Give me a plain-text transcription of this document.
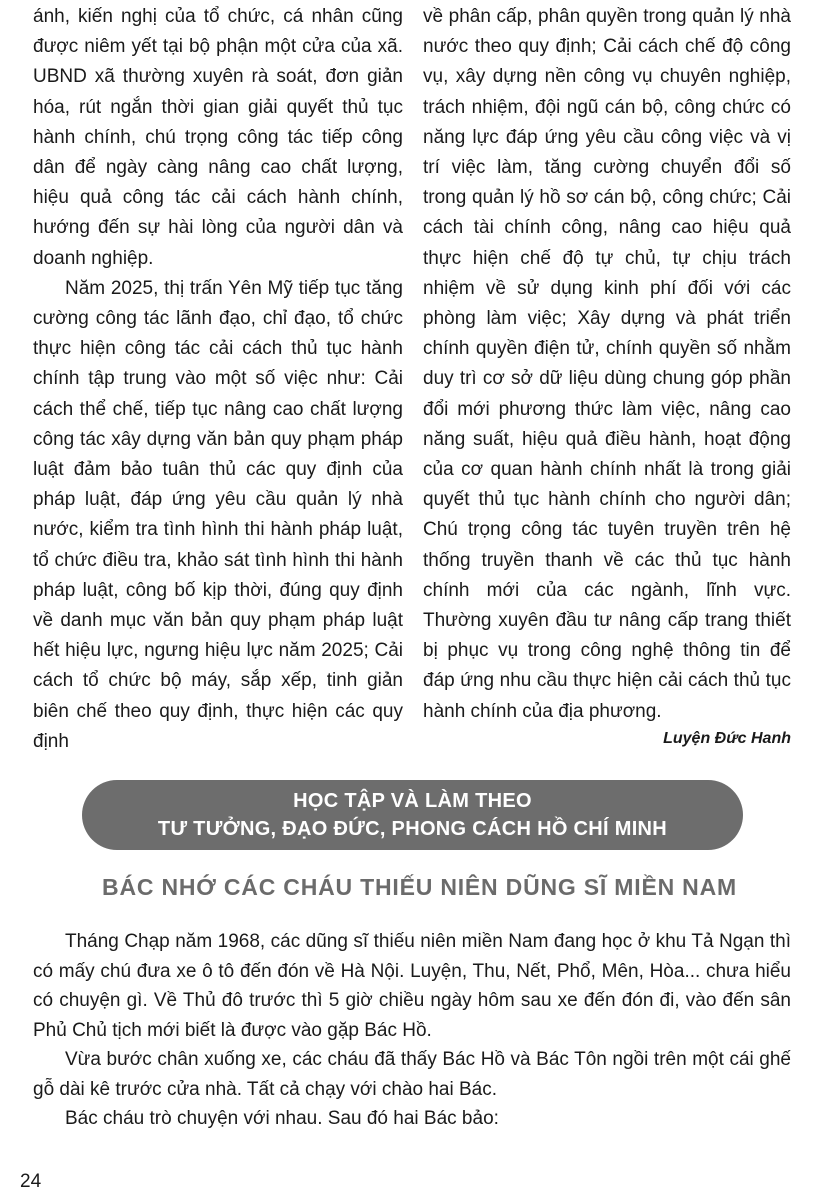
ánh, kiến nghị của tổ chức, cá nhân cũng được niêm yết tại bộ phận một cửa của xã. UBND xã thường xuyên rà soát, đơn giản hóa, rút ngắn thời gian giải quyết thủ tục hành chính, chú trọng công tác tiếp công dân để ngày càng nâng cao chất lượng, hiệu quả công tác cải cách hành chính, hướng đến sự hài lòng của người dân và doanh nghiệp.

Năm 2025, thị trấn Yên Mỹ tiếp tục tăng cường công tác lãnh đạo, chỉ đạo, tổ chức thực hiện công tác cải cách thủ tục hành chính tập trung vào một số việc như: Cải cách thể chế, tiếp tục nâng cao chất lượng công tác xây dựng văn bản quy phạm pháp luật đảm bảo tuân thủ các quy định của pháp luật, đáp ứng yêu cầu quản lý nhà nước, kiểm tra tình hình thi hành pháp luật, tổ chức điều tra, khảo sát tình hình thi hành pháp luật, công bố kịp thời, đúng quy định về danh mục văn bản quy phạm pháp luật hết hiệu lực, ngưng hiệu lực năm 2025; Cải cách tổ chức bộ máy, sắp xếp, tinh giản biên chế theo quy định, thực hiện các quy định

về phân cấp, phân quyền trong quản lý nhà nước theo quy định; Cải cách chế độ công vụ, xây dựng nền công vụ chuyên nghiệp, trách nhiệm, đội ngũ cán bộ, công chức có năng lực đáp ứng yêu cầu công việc và vị trí việc làm, tăng cường chuyển đổi số trong quản lý hồ sơ cán bộ, công chức; Cải cách tài chính công, nâng cao hiệu quả thực hiện chế độ tự chủ, tự chịu trách nhiệm về sử dụng kinh phí đối với các phòng làm việc; Xây dựng và phát triển chính quyền điện tử, chính quyền số nhằm duy trì cơ sở dữ liệu dùng chung góp phần đổi mới phương thức làm việc, nâng cao năng suất, hiệu quả điều hành, hoạt động của cơ quan hành chính nhất là trong giải quyết thủ tục hành chính cho người dân; Chú trọng công tác tuyên truyền trên hệ thống truyền thanh về các thủ tục hành chính mới của các ngành, lĩnh vực. Thường xuyên đầu tư nâng cấp trang thiết bị phục vụ trong công nghệ thông tin để đáp ứng nhu cầu thực hiện cải cách thủ tục hành chính của địa phương.

Luyện Đức Hanh

HỌC TẬP VÀ LÀM THEO
TƯ TƯỞNG, ĐẠO ĐỨC, PHONG CÁCH HỒ CHÍ MINH
BÁC NHỚ CÁC CHÁU THIẾU NIÊN DŨNG SĨ MIỀN NAM

Tháng Chạp năm 1968, các dũng sĩ thiếu niên miền Nam đang học ở khu Tả Ngạn thì có mấy chú đưa xe ô tô đến đón về Hà Nội. Luyện, Thu, Nết, Phổ, Mên, Hòa... chưa hiểu có chuyện gì. Về Thủ đô trước thì 5 giờ chiều ngày hôm sau xe đến đón đi, vào đến sân Phủ Chủ tịch mới biết là được vào gặp Bác Hồ.

Vừa bước chân xuống xe, các cháu đã thấy Bác Hồ và Bác Tôn ngồi trên một cái ghế gỗ dài kê trước cửa nhà. Tất cả chạy với chào hai Bác.

Bác cháu trò chuyện với nhau. Sau đó hai Bác bảo:

24
